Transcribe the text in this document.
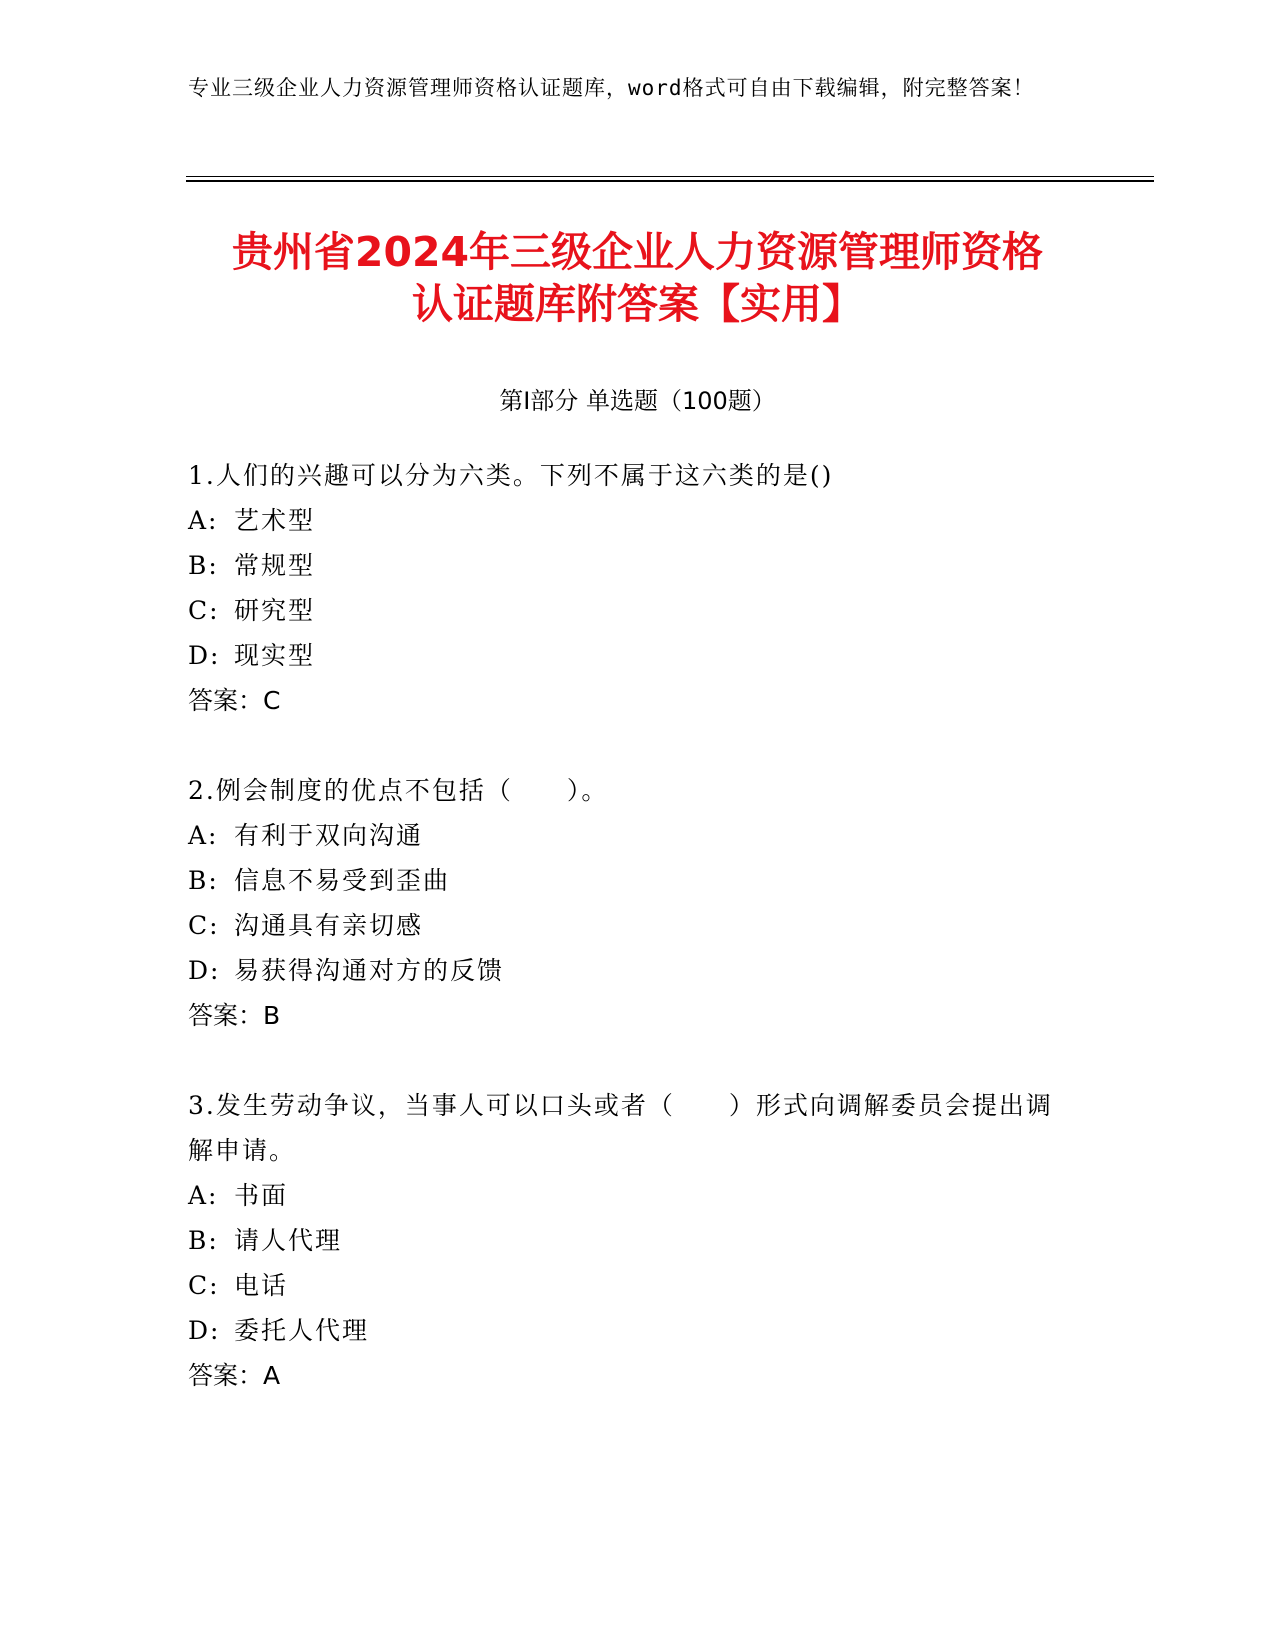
专业三级企业人力资源管理师资格认证题库，word格式可自由下载编辑，附完整答案！
贵州省2024年三级企业人力资源管理师资格
认证题库附答案【实用】
第Ⅰ部分 单选题（100题）
1.人们的兴趣可以分为六类。下列不属于这六类的是()
A: 艺术型
B: 常规型
C: 研究型
D: 现实型
答案：C
2.例会制度的优点不包括（　　）。
A: 有利于双向沟通
B: 信息不易受到歪曲
C: 沟通具有亲切感
D: 易获得沟通对方的反馈
答案：B
3.发生劳动争议，当事人可以口头或者（　　）形式向调解委员会提出调解申请。
A: 书面
B: 请人代理
C: 电话
D: 委托人代理
答案：A
